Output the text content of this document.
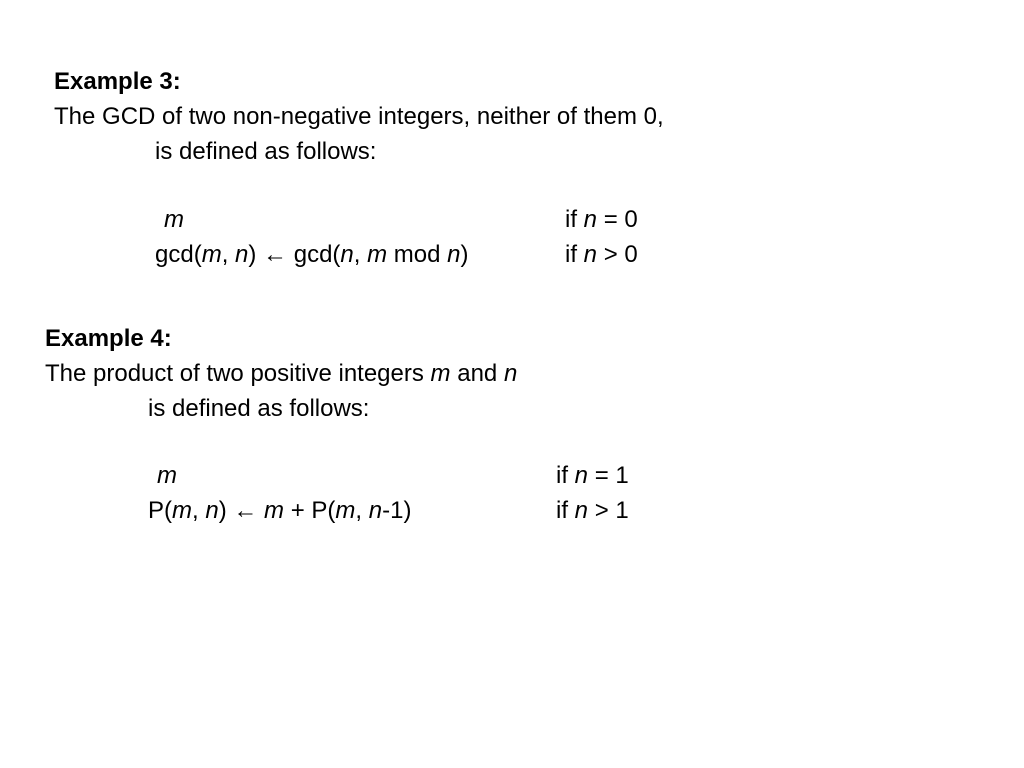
Example 3:
The GCD of two non-negative integers, neither of them 0,
is defined as follows:
m	if n = 0
gcd(m, n) ← gcd(n, m mod n)	if n > 0
Example 4:
The product of two positive integers m and n
is defined as follows:
m	if n = 1
P(m, n) ← m + P(m, n-1)	if n > 1
